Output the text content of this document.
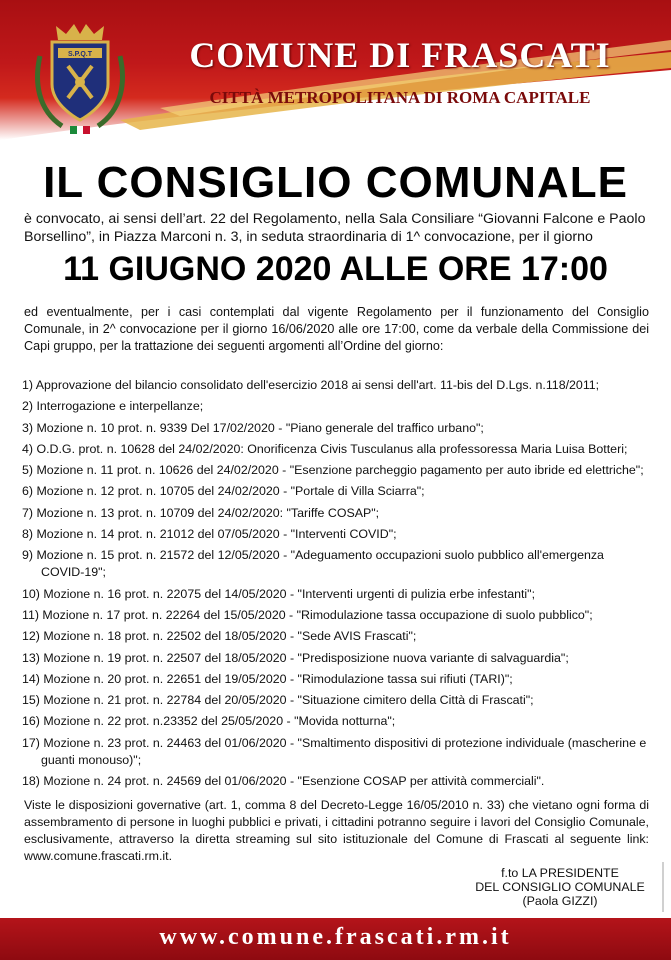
S.P.Q.T	COMUNE DI FRASCATI
CITTÀ METROPOLITANA DI ROMA CAPITALE
IL CONSIGLIO COMUNALE
è convocato, ai sensi dell’art. 22 del Regolamento, nella Sala Consiliare “Giovanni Falcone e Paolo Borsellino”, in Piazza Marconi n. 3, in seduta straordinaria di 1^ convocazione, per il giorno
11 GIUGNO 2020 ALLE ORE 17:00
ed eventualmente, per i casi contemplati dal vigente Regolamento per il funzionamento del Consiglio Comunale, in 2^ convocazione per il giorno 16/06/2020 alle ore 17:00, come da verbale della Commissione dei Capi gruppo, per la trattazione dei seguenti argomenti all’Ordine del giorno:
1) Approvazione del bilancio consolidato dell'esercizio 2018 ai sensi dell'art. 11-bis del D.Lgs. n.118/2011;
2) Interrogazione e interpellanze;
3) Mozione n. 10 prot. n. 9339 Del 17/02/2020 - "Piano generale del traffico urbano";
4) O.D.G. prot. n. 10628 del 24/02/2020: Onorificenza Civis Tusculanus alla professoressa Maria Luisa Botteri;
5) Mozione n. 11 prot. n. 10626 del 24/02/2020 - "Esenzione parcheggio pagamento per auto ibride ed elettriche";
6) Mozione n. 12 prot. n. 10705 del 24/02/2020 - "Portale di Villa Sciarra";
7) Mozione n. 13 prot. n. 10709 del 24/02/2020: "Tariffe COSAP";
8) Mozione n. 14 prot. n. 21012 del 07/05/2020 - "Interventi COVID";
9) Mozione n. 15 prot. n. 21572 del 12/05/2020 - "Adeguamento occupazioni suolo pubblico all'emergenza COVID-19";
10) Mozione n. 16 prot. n. 22075 del 14/05/2020 - "Interventi urgenti di pulizia erbe infestanti";
11) Mozione n. 17 prot. n. 22264 del 15/05/2020 - "Rimodulazione tassa occupazione di suolo pubblico";
12) Mozione n. 18 prot. n. 22502 del 18/05/2020 - "Sede AVIS Frascati";
13) Mozione n. 19 prot. n. 22507 del 18/05/2020 - "Predisposizione nuova variante di salvaguardia";
14) Mozione n. 20 prot. n. 22651 del 19/05/2020 - "Rimodulazione tassa sui rifiuti (TARI)";
15) Mozione n. 21 prot. n. 22784 del 20/05/2020 - "Situazione cimitero della Città di Frascati";
16) Mozione n. 22 prot. n.23352 del 25/05/2020 - "Movida notturna";
17) Mozione n. 23 prot. n. 24463 del 01/06/2020 - "Smaltimento dispositivi di protezione individuale (mascherine e guanti monouso)";
18) Mozione n. 24 prot. n. 24569 del 01/06/2020 - "Esenzione COSAP per attività commerciali".
Viste le disposizioni governative (art. 1, comma 8 del Decreto-Legge 16/05/2010 n. 33) che vietano ogni forma di assembramento di persone in luoghi pubblici e privati, i cittadini potranno seguire i lavori del Consiglio Comunale, esclusivamente, attraverso la diretta streaming sul sito istituzionale del Comune di Frascati al seguente link: www.comune.frascati.rm.it.
f.to LA PRESIDENTE
DEL CONSIGLIO COMUNALE
(Paola GIZZI)
www.comune.frascati.rm.it
